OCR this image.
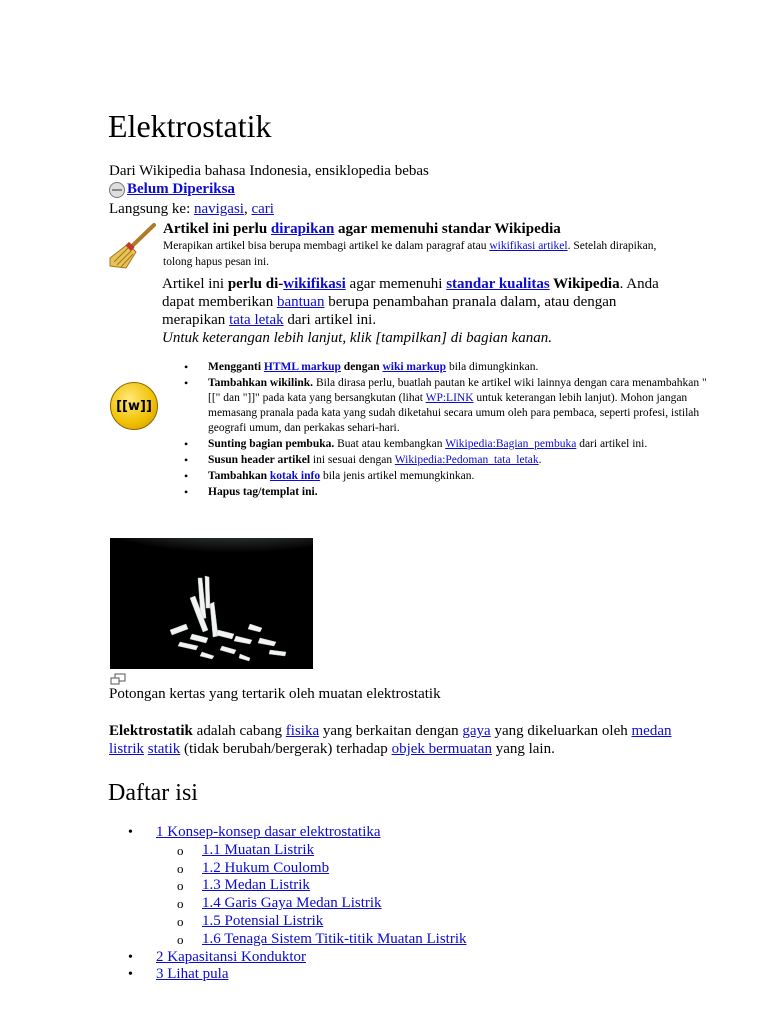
Elektrostatik
Dari Wikipedia bahasa Indonesia, ensiklopedia bebas
Belum Diperiksa
Langsung ke: navigasi, cari
Artikel ini perlu dirapikan agar memenuhi standar Wikipedia
Merapikan artikel bisa berupa membagi artikel ke dalam paragraf atau wikifikasi artikel. Setelah dirapikan, tolong hapus pesan ini.
Artikel ini perlu di-wikifikasi agar memenuhi standar kualitas Wikipedia. Anda dapat memberikan bantuan berupa penambahan pranala dalam, atau dengan merapikan tata letak dari artikel ini.
Untuk keterangan lebih lanjut, klik [tampilkan] di bagian kanan.
[[w]]
• Mengganti HTML markup dengan wiki markup bila dimungkinkan.
• Tambahkan wikilink. Bila dirasa perlu, buatlah pautan ke artikel wiki lainnya dengan cara menambahkan "[[" dan "]]" pada kata yang bersangkutan (lihat WP:LINK untuk keterangan lebih lanjut). Mohon jangan memasang pranala pada kata yang sudah diketahui secara umum oleh para pembaca, seperti profesi, istilah geografi umum, dan perkakas sehari-hari.
• Sunting bagian pembuka. Buat atau kembangkan Wikipedia:Bagian_pembuka dari artikel ini.
• Susun header artikel ini sesuai dengan Wikipedia:Pedoman_tata_letak.
• Tambahkan kotak info bila jenis artikel memungkinkan.
• Hapus tag/templat ini.
Potongan kertas yang tertarik oleh muatan elektrostatik
Elektrostatik adalah cabang fisika yang berkaitan dengan gaya yang dikeluarkan oleh medan listrik statik (tidak berubah/bergerak) terhadap objek bermuatan yang lain.
Daftar isi
• 1 Konsep-konsep dasar elektrostatika
o 1.1 Muatan Listrik
o 1.2 Hukum Coulomb
o 1.3 Medan Listrik
o 1.4 Garis Gaya Medan Listrik
o 1.5 Potensial Listrik
o 1.6 Tenaga Sistem Titik-titik Muatan Listrik
• 2 Kapasitansi Konduktor
• 3 Lihat pula
